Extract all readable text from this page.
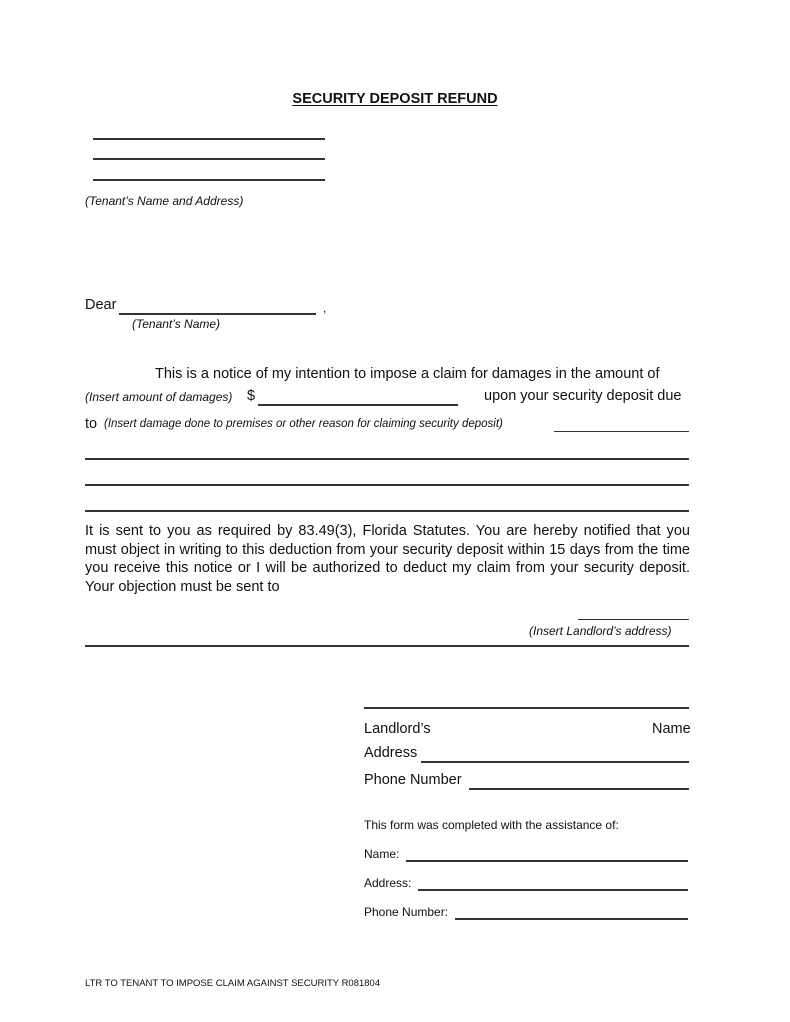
SECURITY DEPOSIT REFUND
(Tenant’s Name and Address)
Dear	,
(Tenant’s Name)
This is a notice of my intention to impose a claim for damages in the amount of
(Insert amount of damages) $	upon your security deposit due
to (Insert damage done to premises or other reason for claiming security deposit)
It is sent to you as required by 83.49(3), Florida Statutes. You are hereby notified that you must object in writing to this deduction from your security deposit within 15 days from the time you receive this notice or I will be authorized to deduct my claim from your security deposit. Your objection must be sent to
(Insert Landlord’s address)
Landlord’s	Name
Address
Phone Number
This form was completed with the assistance of:
Name:
Address:
Phone Number:
LTR TO TENANT TO IMPOSE CLAIM AGAINST SECURITY R081804
